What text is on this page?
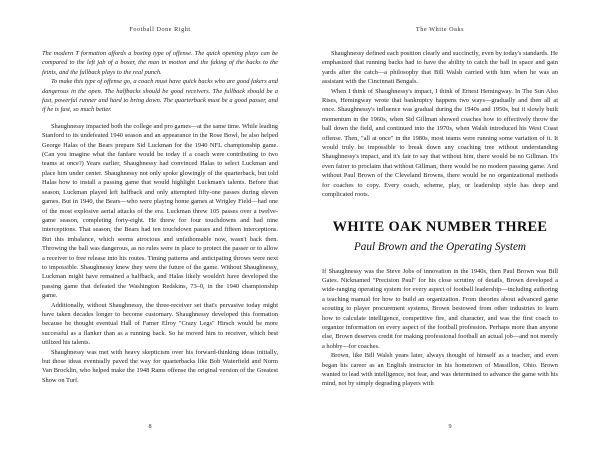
Football Done Right

The modern T formation affords a boxing type of offense. The quick opening plays can be compared to the left jab of a boxer, the man in motion and the faking of the backs to the feints, and the fullback plays to the real punch.

To make this type of offense go, a coach must have quick backs who are good fakers and dangerous in the open. The halfbacks should be good receivers. The fullback should be a fast, powerful runner and hard to bring down. The quarterback must be a good passer, and if he is fast, so much better.

Shaughnessy impacted both the college and pro games—at the same time. While leading Stanford to its undefeated 1940 season and an appearance in the Rose Bowl, he also helped George Halas of the Bears prepare Sid Luckman for the 1940 NFL championship game. (Can you imagine what the fanfare would be today if a coach were contributing to two teams at once?) Years earlier, Shaughnessy had convinced Halas to select Luckman and place him under center. Shaughnessy not only spoke glowingly of the quarterback, but told Halas how to install a passing game that would highlight Luckman's talents. Before that season, Luckman played left halfback and only attempted fifty-one passes during eleven games. But in 1940, the Bears—who were playing home games at Wrigley Field—had one of the most explosive aerial attacks of the era. Luckman threw 105 passes over a twelve-game season, completing forty-eight. He threw for four touchdowns and had nine interceptions. That season, the Bears had ten touchdown passes and fifteen interceptions. But this imbalance, which seems atrocious and unfathomable now, wasn't back then. Throwing the ball was dangerous, as no rules were in place to protect the passer or to allow a receiver to free release into his routes. Timing patterns and anticipating throws were next to impossible. Shaughnessy knew they were the future of the game. Without Shaughnessy, Luckman might have remained a halfback, and Halas likely wouldn't have developed the passing game that defeated the Washington Redskins, 73–0, in the 1940 championship game.

Additionally, without Shaughnessy, the three-receiver set that's pervasive today might have taken decades longer to become customary. Shaughnessy developed this formation because he thought eventual Hall of Famer Elroy "Crazy Legs" Hirsch would be more successful as a flanker than as a running back. So he moved him to receiver, which best utilized his talents.

Shaughnessy was met with heavy skepticism over his forward-thinking ideas initially, but those ideas eventually paved the way for quarterbacks like Bob Waterfield and Norm Van Brocklin, who helped make the 1948 Rams offense the original version of the Greatest Show on Turf.

8
The White Oaks

Shaughnessy defined each position clearly and succinctly, even by today's standards. He emphasized that running backs had to have the ability to catch the ball in space and gain yards after the catch—a philosophy that Bill Walsh carried with him when he was an assistant with the Cincinnati Bengals.

When I think of Shaughnessy's impact, I think of Ernest Hemingway. In The Sun Also Rises, Hemingway wrote that bankruptcy happens two ways—gradually and then all at once. Shaughnessy's influence was gradual during the 1940s and 1950s, but it slowly built momentum in the 1960s, when Sid Gillman showed coaches how to effectively throw the ball down the field, and continued into the 1970s, when Walsh introduced his West Coast offense. Then, "all at once" in the 1980s, most teams were running some variation of it. It would truly be impossible to break down any coaching tree without understanding Shaughnessy's impact, and it's fair to say that without him, there would be no Gillman. It's even fairer to proclaim that without Gillman, there would be no modern passing game. And without Paul Brown of the Cleveland Browns, there would be no organizational methods for coaches to copy. Every coach, scheme, play, or leadership style has deep and complicated roots.

WHITE OAK NUMBER THREE
Paul Brown and the Operating System

If Shaughnessy was the Steve Jobs of innovation in the 1940s, then Paul Brown was Bill Gates. Nicknamed "Precision Paul" for his close scrutiny of details, Brown developed a wide-ranging operating system for every aspect of football leadership—including authoring a teaching manual for how to build an organization. From theories about advanced game scouting to player procurement systems, Brown bestowed from other industries to learn how to calculate intelligence, competitive fire, and character, and was the first coach to organize information on every aspect of the football profession. Perhaps more than anyone else, Brown deserves credit for making professional football an actual job—and not merely a hobby—for coaches.

Brown, like Bill Walsh years later, always thought of himself as a teacher, and even began his career as an English instructor in his hometown of Massillon, Ohio. Brown wanted to lead with intelligence, not fear, and was determined to advance the game with his mind, not by simply degrading players with

9
